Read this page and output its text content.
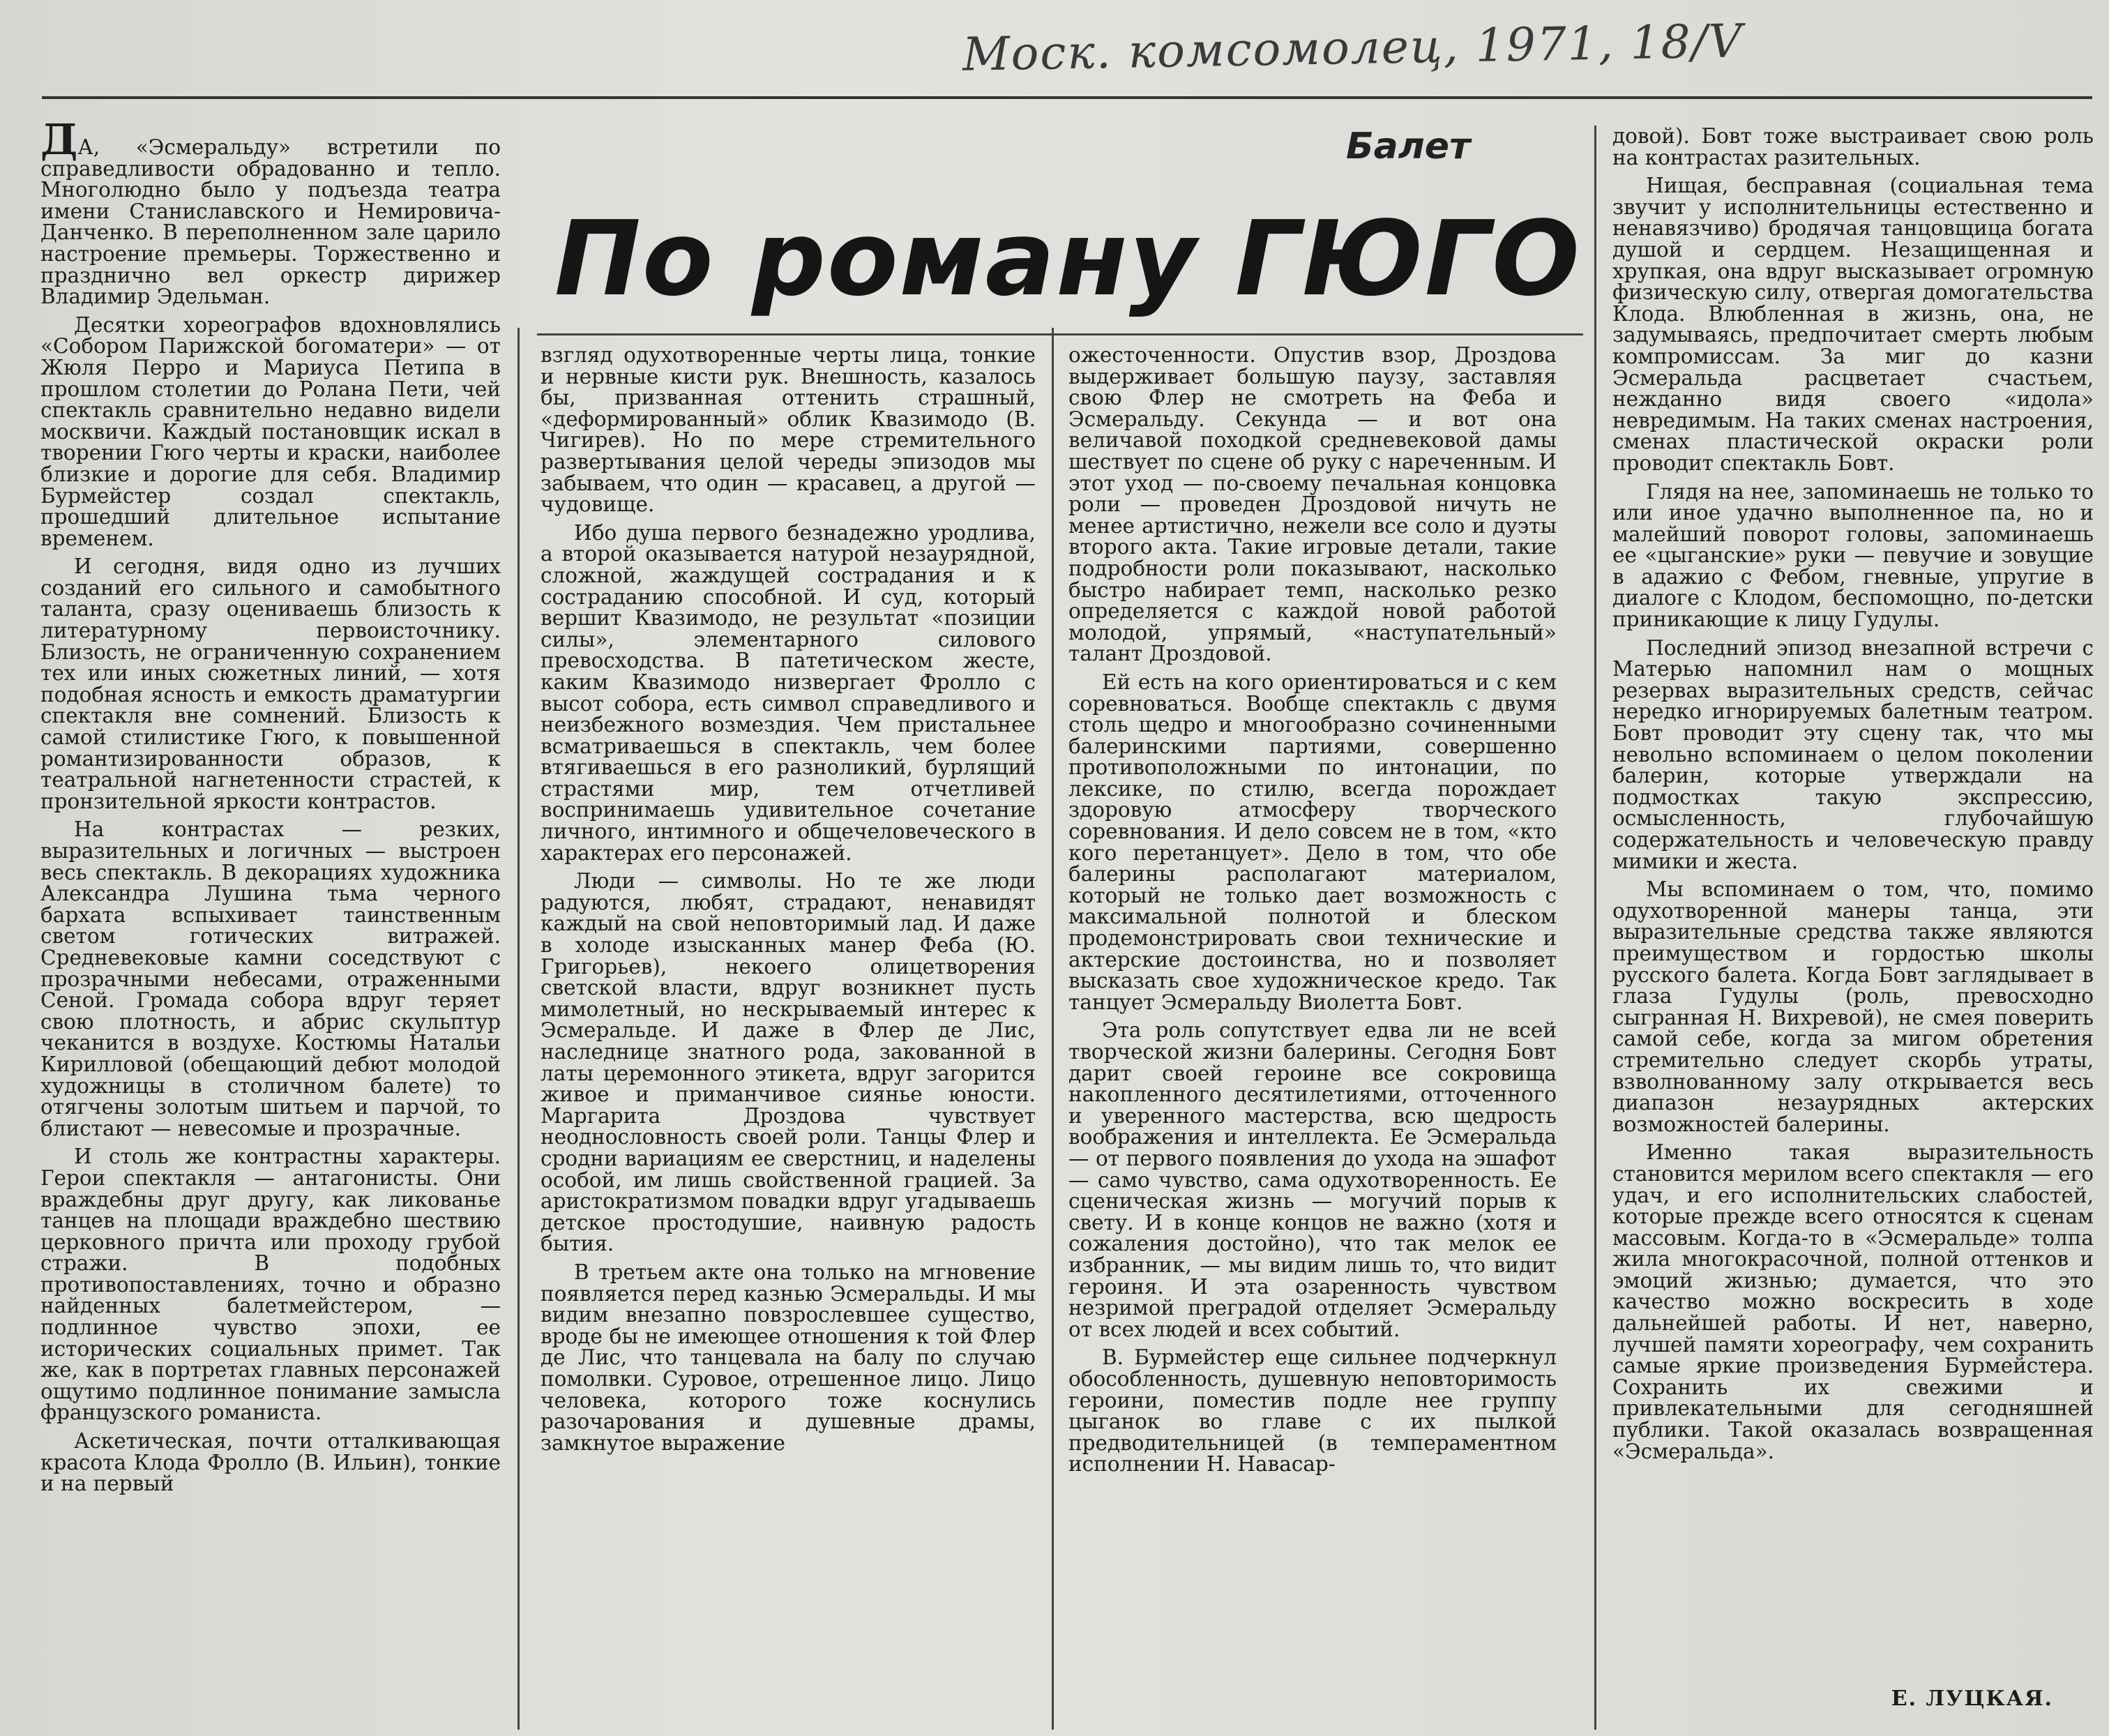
Моск. комсомолец, 1971, 18/V
Балет
По роману ГЮГО

ДА, «Эсмеральду» встретили по справедливости обрадованно и тепло. Многолюдно было у подъезда театра имени Станиславского и Немировича-Данченко. В переполненном зале царило настроение премьеры. Торжественно и празднично вел оркестр дирижер Владимир Эдельман.

Десятки хореографов вдохновлялись «Собором Парижской богоматери» — от Жюля Перро и Мариуса Петипа в прошлом столетии до Ролана Пети, чей спектакль сравнительно недавно видели москвичи. Каждый постановщик искал в творении Гюго черты и краски, наиболее близкие и дорогие для себя. Владимир Бурмейстер создал спектакль, прошедший длительное испытание временем.

И сегодня, видя одно из лучших созданий его сильного и самобытного таланта, сразу оцениваешь близость к литературному первоисточнику. Близость, не ограниченную сохранением тех или иных сюжетных линий, — хотя подобная ясность и емкость драматургии спектакля вне сомнений. Близость к самой стилистике Гюго, к повышенной романтизированности образов, к театральной нагнетенности страстей, к пронзительной яркости контрастов.

На контрастах — резких, выразительных и логичных — выстроен весь спектакль. В декорациях художника Александра Лушина тьма черного бархата вспыхивает таинственным светом готических витражей. Средневековые камни соседствуют с прозрачными небесами, отраженными Сеной. Громада собора вдруг теряет свою плотность, и абрис скульптур чеканится в воздухе. Костюмы Натальи Кирилловой (обещающий дебют молодой художницы в столичном балете) то отягчены золотым шитьем и парчой, то блистают — невесомые и прозрачные.

И столь же контрастны характеры. Герои спектакля — антагонисты. Они враждебны друг другу, как ликованье танцев на площади враждебно шествию церковного причта или проходу грубой стражи. В подобных противопоставлениях, точно и образно найденных балетмейстером, — подлинное чувство эпохи, ее исторических социальных примет. Так же, как в портретах главных персонажей ощутимо подлинное понимание замысла французского романиста.

Аскетическая, почти отталкивающая красота Клода Фролло (В. Ильин), тонкие и на первый

взгляд одухотворенные черты лица, тонкие и нервные кисти рук. Внешность, казалось бы, призванная оттенить страшный, «деформированный» облик Квазимодо (В. Чигирев). Но по мере стремительного развертывания целой череды эпизодов мы забываем, что один — красавец, а другой — чудовище.

Ибо душа первого безнадежно уродлива, а второй оказывается натурой незаурядной, сложной, жаждущей сострадания и к состраданию способной. И суд, который вершит Квазимодо, не результат «позиции силы», элементарного силового превосходства. В патетическом жесте, каким Квазимодо низвергает Фролло с высот собора, есть символ справедливого и неизбежного возмездия. Чем пристальнее всматриваешься в спектакль, чем более втягиваешься в его разноликий, бурлящий страстями мир, тем отчетливей воспринимаешь удивительное сочетание личного, интимного и общечеловеческого в характерах его персонажей.

Люди — символы. Но те же люди радуются, любят, страдают, ненавидят каждый на свой неповторимый лад. И даже в холоде изысканных манер Феба (Ю. Григорьев), некоего олицетворения светской власти, вдруг возникнет пусть мимолетный, но нескрываемый интерес к Эсмеральде. И даже в Флер де Лис, наследнице знатного рода, закованной в латы церемонного этикета, вдруг загорится живое и приманчивое сиянье юности. Маргарита Дроздова чувствует неоднословность своей роли. Танцы Флер и сродни вариациям ее сверстниц, и наделены особой, им лишь свойственной грацией. За аристократизмом повадки вдруг угадываешь детское простодушие, наивную радость бытия.

В третьем акте она только на мгновение появляется перед казнью Эсмеральды. И мы видим внезапно повзрослевшее существо, вроде бы не имеющее отношения к той Флер де Лис, что танцевала на балу по случаю помолвки. Суровое, отрешенное лицо. Лицо человека, которого тоже коснулись разочарования и душевные драмы, замкнутое выражение

ожесточенности. Опустив взор, Дроздова выдерживает большую паузу, заставляя свою Флер не смотреть на Феба и Эсмеральду. Секунда — и вот она величавой походкой средневековой дамы шествует по сцене об руку с нареченным. И этот уход — по-своему печальная концовка роли — проведен Дроздовой ничуть не менее артистично, нежели все соло и дуэты второго акта. Такие игровые детали, такие подробности роли показывают, насколько быстро набирает темп, насколько резко определяется с каждой новой работой молодой, упрямый, «наступательный» талант Дроздовой.

Ей есть на кого ориентироваться и с кем соревноваться. Вообще спектакль с двумя столь щедро и многообразно сочиненными балеринскими партиями, совершенно противоположными по интонации, по лексике, по стилю, всегда порождает здоровую атмосферу творческого соревнования. И дело совсем не в том, «кто кого перетанцует». Дело в том, что обе балерины располагают материалом, который не только дает возможность с максимальной полнотой и блеском продемонстрировать свои технические и актерские достоинства, но и позволяет высказать свое художническое кредо. Так танцует Эсмеральду Виолетта Бовт.

Эта роль сопутствует едва ли не всей творческой жизни балерины. Сегодня Бовт дарит своей героине все сокровища накопленного десятилетиями, отточенного и уверенного мастерства, всю щедрость воображения и интеллекта. Ее Эсмеральда — от первого появления до ухода на эшафот — само чувство, сама одухотворенность. Ее сценическая жизнь — могучий порыв к свету. И в конце концов не важно (хотя и сожаления достойно), что так мелок ее избранник, — мы видим лишь то, что видит героиня. И эта озаренность чувством незримой преградой отделяет Эсмеральду от всех людей и всех событий.

В. Бурмейстер еще сильнее подчеркнул обособленность, душевную неповторимость героини, поместив подле нее группу цыганок во главе с их пылкой предводительницей (в темпераментном исполнении Н. Навасар-

довой). Бовт тоже выстраивает свою роль на контрастах разительных.

Нищая, бесправная (социальная тема звучит у исполнительницы естественно и ненавязчиво) бродячая танцовщица богата душой и сердцем. Незащищенная и хрупкая, она вдруг высказывает огромную физическую силу, отвергая домогательства Клода. Влюбленная в жизнь, она, не задумываясь, предпочитает смерть любым компромиссам. За миг до казни Эсмеральда расцветает счастьем, нежданно видя своего «идола» невредимым. На таких сменах настроения, сменах пластической окраски роли проводит спектакль Бовт.

Глядя на нее, запоминаешь не только то или иное удачно выполненное па, но и малейший поворот головы, запоминаешь ее «цыганские» руки — певучие и зовущие в адажио с Фебом, гневные, упругие в диалоге с Клодом, беспомощно, по-детски приникающие к лицу Гудулы.

Последний эпизод внезапной встречи с Матерью напомнил нам о мощных резервах выразительных средств, сейчас нередко игнорируемых балетным театром. Бовт проводит эту сцену так, что мы невольно вспоминаем о целом поколении балерин, которые утверждали на подмостках такую экспрессию, осмысленность, глубочайшую содержательность и человеческую правду мимики и жеста.

Мы вспоминаем о том, что, помимо одухотворенной манеры танца, эти выразительные средства также являются преимуществом и гордостью школы русского балета. Когда Бовт заглядывает в глаза Гудулы (роль, превосходно сыгранная Н. Вихревой), не смея поверить самой себе, когда за мигом обретения стремительно следует скорбь утраты, взволнованному залу открывается весь диапазон незаурядных актерских возможностей балерины.

Именно такая выразительность становится мерилом всего спектакля — его удач, и его исполнительских слабостей, которые прежде всего относятся к сценам массовым. Когда-то в «Эсмеральде» толпа жила многокрасочной, полной оттенков и эмоций жизнью; думается, что это качество можно воскресить в ходе дальнейшей работы. И нет, наверно, лучшей памяти хореографу, чем сохранить самые яркие произведения Бурмейстера. Сохранить их свежими и привлекательными для сегодняшней публики. Такой оказалась возвращенная «Эсмеральда».

Е. ЛУЦКАЯ.
